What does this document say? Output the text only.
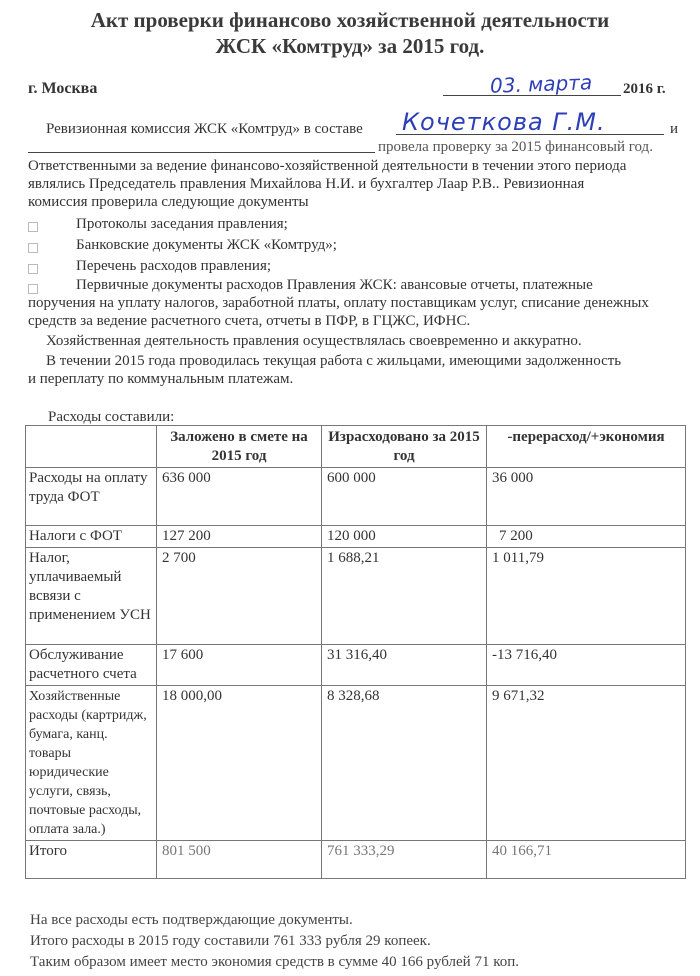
Акт проверки финансово хозяйственной деятельности
ЖСК «Комтруд» за 2015 год.
г. Москва	03. марта 2016 г.
Ревизионная комиссия ЖСК «Комтруд» в составе Кочеткова Г.М.	и
провела проверку за 2015 финансовый год.
Ответственными за ведение финансово-хозяйственной деятельности в течении этого периода
являлись Председатель правления Михайлова Н.И. и бухгалтер Лаар Р.В.. Ревизионная
комиссия проверила следующие документы
Протоколы заседания правления;
Банковские документы ЖСК «Комтруд»;
Перечень расходов правления;
Первичные документы расходов Правления ЖСК: авансовые отчеты, платежные
поручения на уплату налогов, заработной платы, оплату поставщикам услуг, списание денежных
средств за ведение расчетного счета, отчеты в ПФР, в ГЦЖС, ИФНС.
Хозяйственная деятельность правления осуществлялась своевременно и аккуратно.
В течении 2015 года проводилась текущая работа с жильцами, имеющими задолженность
и переплату по коммунальным платежам.
Расходы составили:
	Заложено в смете на 2015 год	Израсходовано за 2015 год	-перерасход/+экономия
Расходы на оплату труда ФОТ	636 000	600 000	36 000
Налоги с ФОТ	127 200	120 000	7 200
Налог, уплачиваемый всвязи с применением УСН	2 700	1 688,21	1 011,79
Обслуживание расчетного счета	17 600	31 316,40	-13 716,40
Хозяйственные расходы (картридж, бумага, канц. товары юридические услуги, связь, почтовые расходы, оплата зала.)	18 000,00	8 328,68	9 671,32
Итого	801 500	761 333,29	40 166,71
На все расходы есть подтверждающие документы.
Итого расходы в 2015 году составили 761 333 рубля 29 копеек.
Таким образом имеет место экономия средств в сумме 40 166 рублей 71 коп.
